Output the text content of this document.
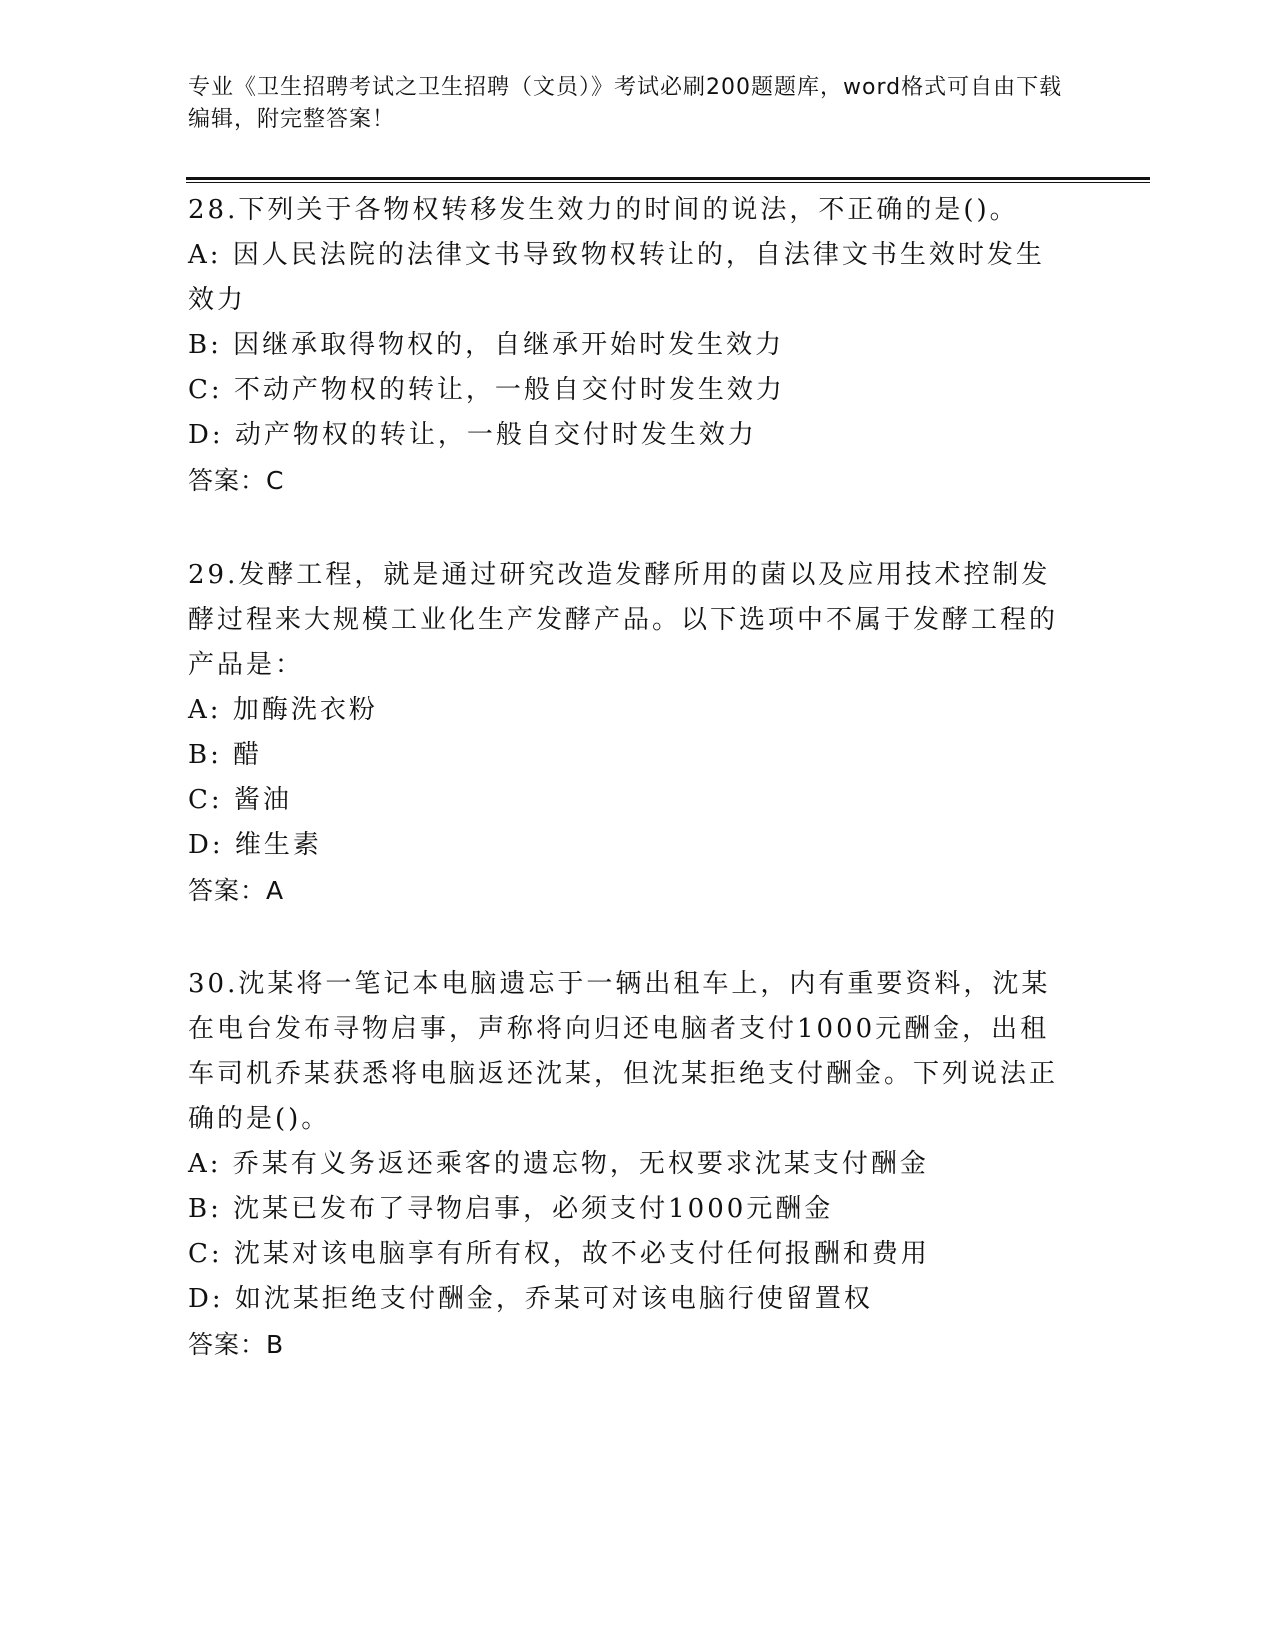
专业《卫生招聘考试之卫生招聘（文员）》考试必刷200题题库，word格式可自由下载编辑，附完整答案！

28.下列关于各物权转移发生效力的时间的说法，不正确的是()。

A: 因人民法院的法律文书导致物权转让的，自法律文书生效时发生效力

B: 因继承取得物权的，自继承开始时发生效力

C: 不动产物权的转让，一般自交付时发生效力

D: 动产物权的转让，一般自交付时发生效力

答案：C

29.发酵工程，就是通过研究改造发酵所用的菌以及应用技术控制发酵过程来大规模工业化生产发酵产品。以下选项中不属于发酵工程的产品是：

A: 加酶洗衣粉

B: 醋

C: 酱油

D: 维生素

答案：A

30.沈某将一笔记本电脑遗忘于一辆出租车上，内有重要资料，沈某在电台发布寻物启事，声称将向归还电脑者支付1000元酬金，出租车司机乔某获悉将电脑返还沈某，但沈某拒绝支付酬金。下列说法正确的是()。

A: 乔某有义务返还乘客的遗忘物，无权要求沈某支付酬金

B: 沈某已发布了寻物启事，必须支付1000元酬金

C: 沈某对该电脑享有所有权，故不必支付任何报酬和费用

D: 如沈某拒绝支付酬金，乔某可对该电脑行使留置权

答案：B
